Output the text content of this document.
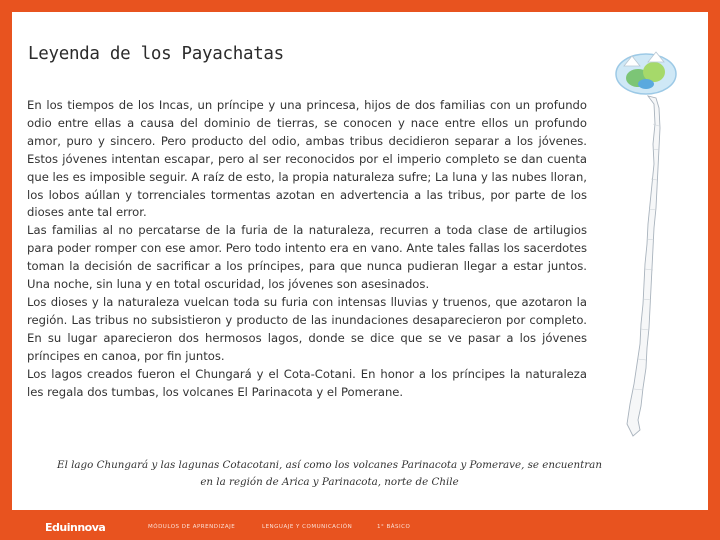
Leyenda de los Payachatas

En los tiempos de los Incas, un príncipe y una princesa, hijos de dos familias con un profundo odio entre ellas a causa del dominio de tierras, se conocen y nace entre ellos un profundo amor, puro y sincero. Pero producto del odio, ambas tribus decidieron separar a los jóvenes. Estos jóvenes intentan escapar, pero al ser reconocidos por el imperio completo se dan cuenta que les es imposible seguir. A raíz de esto, la propia naturaleza sufre; La luna y las nubes lloran, los lobos aúllan y torrenciales tormentas azotan en advertencia a las tribus, por parte de los dioses ante tal error.

Las familias al no percatarse de la furia de la naturaleza, recurren a toda clase de artilugios para poder romper con ese amor. Pero todo intento era en vano. Ante tales fallas los sacerdotes toman la decisión de sacrificar a los príncipes, para que nunca pudieran llegar a estar juntos. Una noche, sin luna y en total oscuridad, los jóvenes son asesinados.

Los dioses y la naturaleza vuelcan toda su furia con intensas lluvias y truenos, que azotaron la región. Las tribus no subsistieron y producto de las inundaciones desaparecieron por completo. En su lugar aparecieron dos hermosos lagos, donde se dice que se ve pasar a los jóvenes príncipes en canoa, por fin juntos.

Los lagos creados fueron el Chungará y el Cota-Cotani. En honor a los príncipes la naturaleza les regala dos tumbas, los volcanes El Parinacota y el Pomerane.

El lago Chungará y las lagunas Cotacotani, así como los volcanes Parinacota y Pomerave, se encuentran en la región de Arica y Parinacota, norte de Chile

Menú
Eduinnova	MÓDULOS DE APRENDIZAJE	LENGUAJE Y COMUNICACIÓN	1° BÁSICO
